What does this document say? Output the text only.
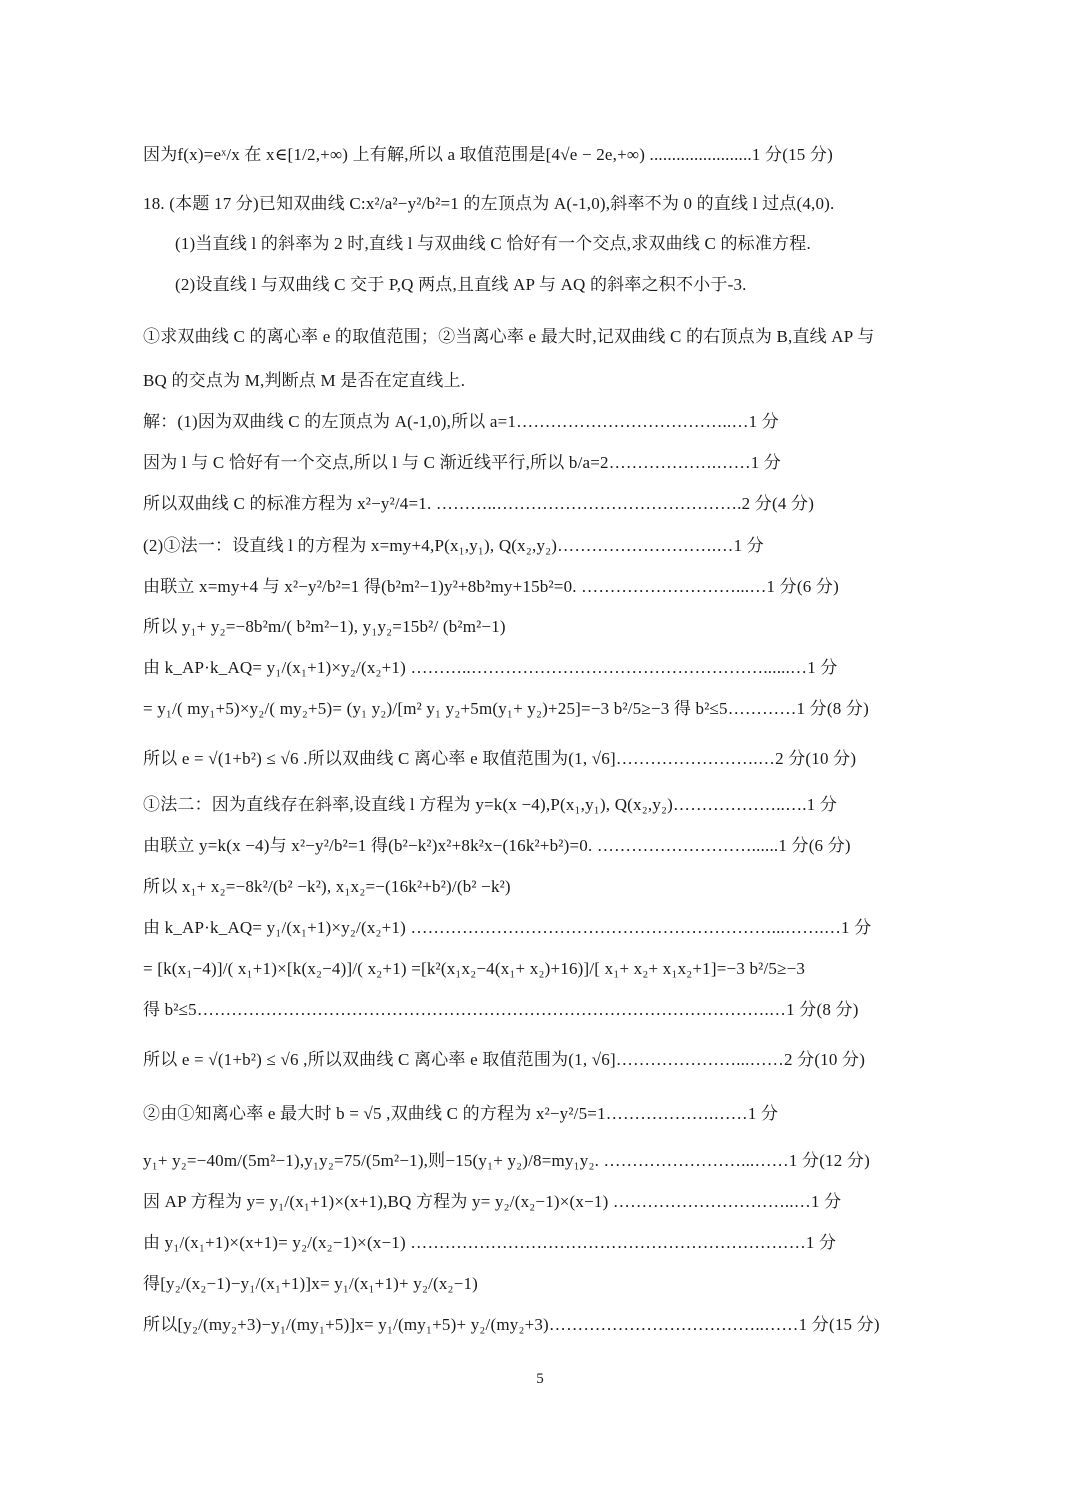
因为f(x)=eˣ/x 在 x∈[1/2,+∞) 上有解,所以 a 取值范围是[4√e − 2e,+∞) .......................1 分(15 分)
18. (本题 17 分)已知双曲线 C:x²/a²−y²/b²=1 的左顶点为 A(-1,0),斜率不为 0 的直线 l 过点(4,0).
(1)当直线 l 的斜率为 2 时,直线 l 与双曲线 C 恰好有一个交点,求双曲线 C 的标准方程.
(2)设直线 l 与双曲线 C 交于 P,Q 两点,且直线 AP 与 AQ 的斜率之积不小于-3.
①求双曲线 C 的离心率 e 的取值范围；②当离心率 e 最大时,记双曲线 C 的右顶点为 B,直线 AP 与
BQ 的交点为 M,判断点 M 是否在定直线上.
解：(1)因为双曲线 C 的左顶点为 A(-1,0),所以 a=1………………………………..…1 分
因为 l 与 C 恰好有一个交点,所以 l 与 C 渐近线平行,所以 b/a=2……………….……1 分
所以双曲线 C 的标准方程为 x²−y²/4=1. ………..…………………………………….2 分(4 分)
(2)①法一：设直线 l 的方程为 x=my+4,P(x₁,y₁), Q(x₂,y₂)……………………….…1 分
由联立 x=my+4 与 x²−y²/b²=1 得(b²m²−1)y²+8b²my+15b²=0. ………………………...…1 分(6 分)
所以 y₁+ y₂=−8b²m/( b²m²−1), y₁y₂=15b²/ (b²m²−1)
由 k_AP·k_AQ= y₁/(x₁+1)×y₂/(x₂+1) ………..……………………………………………......…1 分
= y₁/( my₁+5)×y₂/( my₂+5)= (y₁ y₂)/[m² y₁ y₂+5m(y₁+ y₂)+25]=−3 b²/5≥−3 得 b²≤5…………1 分(8 分)
所以 e = √(1+b²) ≤ √6 .所以双曲线 C 离心率 e 取值范围为(1, √6]…………………….…2 分(10 分)
①法二：因为直线存在斜率,设直线 l 方程为 y=k(x −4),P(x₁,y₁), Q(x₂,y₂)………………..….1 分
由联立 y=k(x −4)与 x²−y²/b²=1 得(b²−k²)x²+8k²x−(16k²+b²)=0. ………………………......1 分(6 分)
所以 x₁+ x₂=−8k²/(b² −k²), x₁x₂=−(16k²+b²)/(b² −k²)
由 k_AP·k_AQ= y₁/(x₁+1)×y₂/(x₂+1) ………………………………………………………...…….…1 分
= [k(x₁−4)]/( x₁+1)×[k(x₂−4)]/( x₂+1) =[k²(x₁x₂−4(x₁+ x₂)+16)]/[ x₁+ x₂+ x₁x₂+1]=−3 b²/5≥−3
得 b²≤5……………………………………………………………………………………….…1 分(8 分)
所以 e = √(1+b²) ≤ √6 ,所以双曲线 C 离心率 e 取值范围为(1, √6]…………………...……2 分(10 分)
②由①知离心率 e 最大时 b = √5 ,双曲线 C 的方程为 x²−y²/5=1……………….……1 分
y₁+ y₂=−40m/(5m²−1),y₁y₂=75/(5m²−1),则−15(y₁+ y₂)/8=my₁y₂. ……………………...……1 分(12 分)
因 AP 方程为 y= y₁/(x₁+1)×(x+1),BQ 方程为 y= y₂/(x₂−1)×(x−1) …………………………..…1 分
由 y₁/(x₁+1)×(x+1)= y₂/(x₂−1)×(x−1) ……………………………………………………………1 分
得[y₂/(x₂−1)−y₁/(x₁+1)]x= y₁/(x₁+1)+ y₂/(x₂−1)
所以[y₂/(my₂+3)−y₁/(my₁+5)]x= y₁/(my₁+5)+ y₂/(my₂+3)………………………………..……1 分(15 分)
5
